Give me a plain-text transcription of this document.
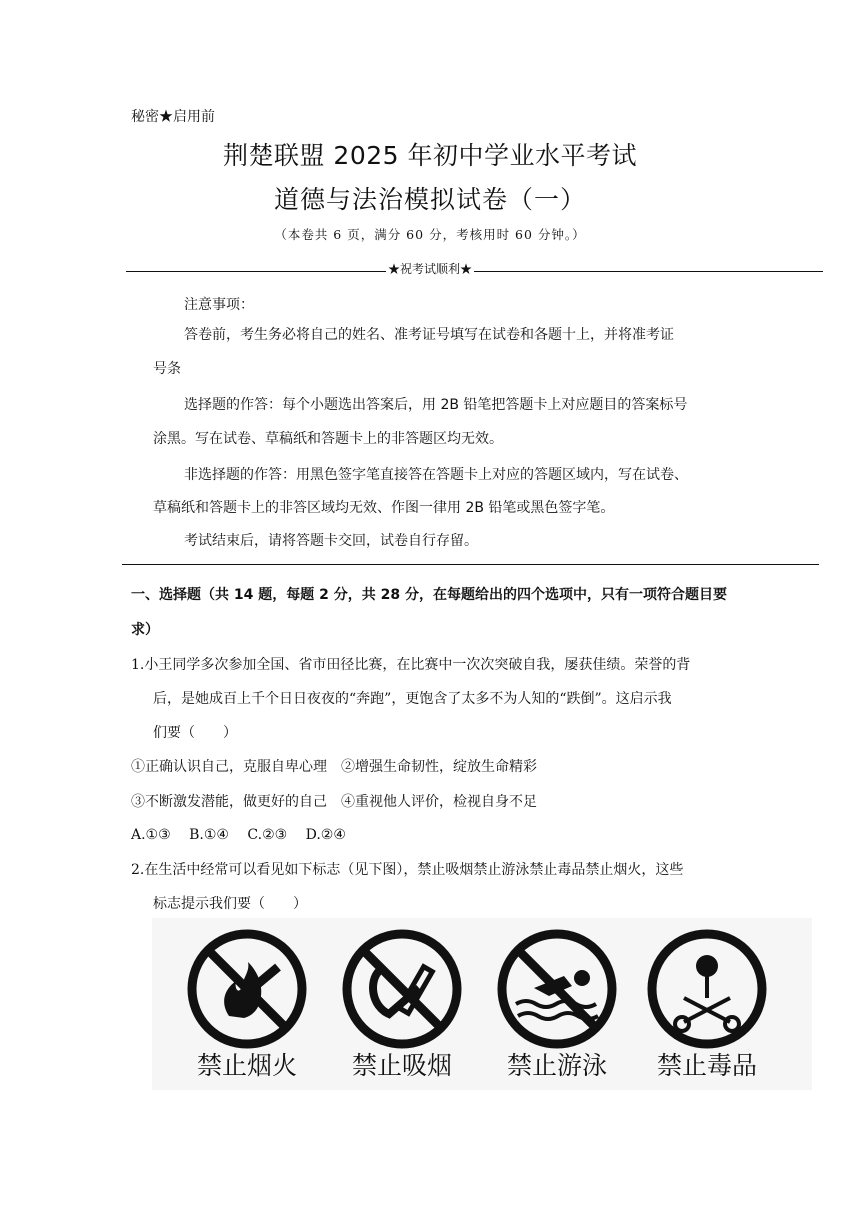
秘密★启用前
荆楚联盟 2025 年初中学业水平考试
道德与法治模拟试卷（一）
（本卷共 6 页，满分 60 分，考核用时 60 分钟。）
★祝考试顺利★
注意事项：
答卷前，考生务必将自己的姓名、准考证号填写在试卷和各题十上，并将准考证
号条
选择题的作答：每个小题选出答案后，用 2B 铅笔把答题卡上对应题目的答案标号
涂黑。写在试卷、草稿纸和答题卡上的非答题区均无效。
非选择题的作答：用黑色签字笔直接答在答题卡上对应的答题区域内，写在试卷、
草稿纸和答题卡上的非答区域均无效、作图一律用 2B 铅笔或黑色签字笔。
考试结束后，请将答题卡交回，试卷自行存留。
一、选择题（共 14 题，每题 2 分，共 28 分，在每题给出的四个选项中，只有一项符合题目要求）
1.小王同学多次参加全国、省市田径比赛，在比赛中一次次突破自我，屡获佳绩。荣誉的背
后，是她成百上千个日日夜夜的“奔跑”，更饱含了太多不为人知的“跌倒”。这启示我
们要（　　）
①正确认识自己，克服自卑心理　②增强生命韧性，绽放生命精彩
③不断激发潜能，做更好的自己　④重视他人评价，检视自身不足
A.①③　 B.①④　 C.②③　 D.②④
2.在生活中经常可以看见如下标志（见下图），禁止吸烟禁止游泳禁止毒品禁止烟火，这些
标志提示我们要（　　）
禁止烟火	禁止吸烟	禁止游泳	禁止毒品
